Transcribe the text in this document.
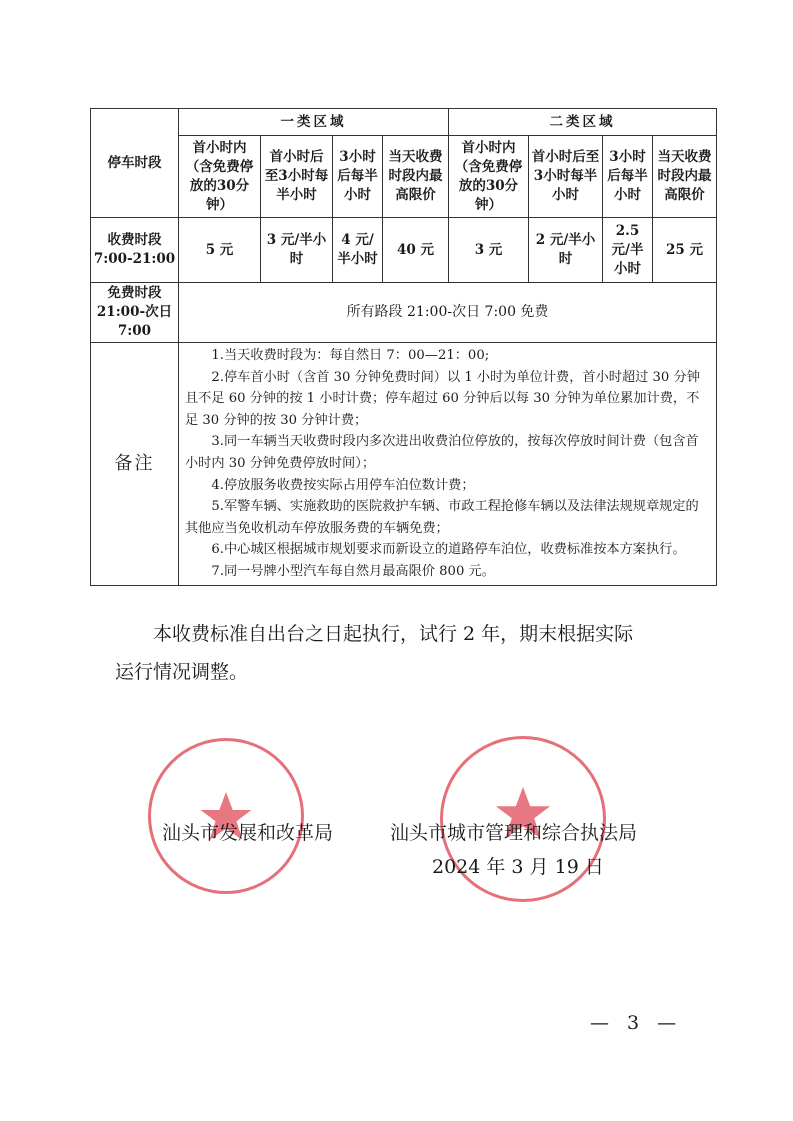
停车时段	一类区域				二类区域			
	首小时内（含免费停放的30分钟）	首小时后至3小时每半小时	3小时后每半小时	当天收费时段内最高限价	首小时内（含免费停放的30分钟）	首小时后至3小时每半小时	3小时后每半小时	当天收费时段内最高限价

收费时段
7:00-21:00	5 元	3 元/半小时	4 元/半小时	40 元	3 元	2 元/半小时	2.5 元/半小时	25 元

免费时段
21:00-次日
7:00	所有路段 21:00-次日 7:00 免费							
备注	

1.当天收费时段为：每自然日 7：00—21：00;

2.停车首小时（含首 30 分钟免费时间）以 1 小时为单位计费，首小时超过 30 分钟且不足 60 分钟的按 1 小时计费；停车超过 60 分钟后以每 30 分钟为单位累加计费，不足 30 分钟的按 30 分钟计费；

3.同一车辆当天收费时段内多次进出收费泊位停放的，按每次停放时间计费（包含首小时内 30 分钟免费停放时间）；

4.停放服务收费按实际占用停车泊位数计费；

5.军警车辆、实施救助的医院救护车辆、市政工程抢修车辆以及法律法规规章规定的其他应当免收机动车停放服务费的车辆免费；

6.中心城区根据城市规划要求而新设立的道路停车泊位，收费标准按本方案执行。

7.同一号牌小型汽车每自然月最高限价 800 元。

本收费标准自出台之日起执行，试行 2 年，期末根据实际

运行情况调整。

汕头市发展和改革局	汕头市城市管理和综合执法局
2024 年 3 月 19 日
— 3 —
